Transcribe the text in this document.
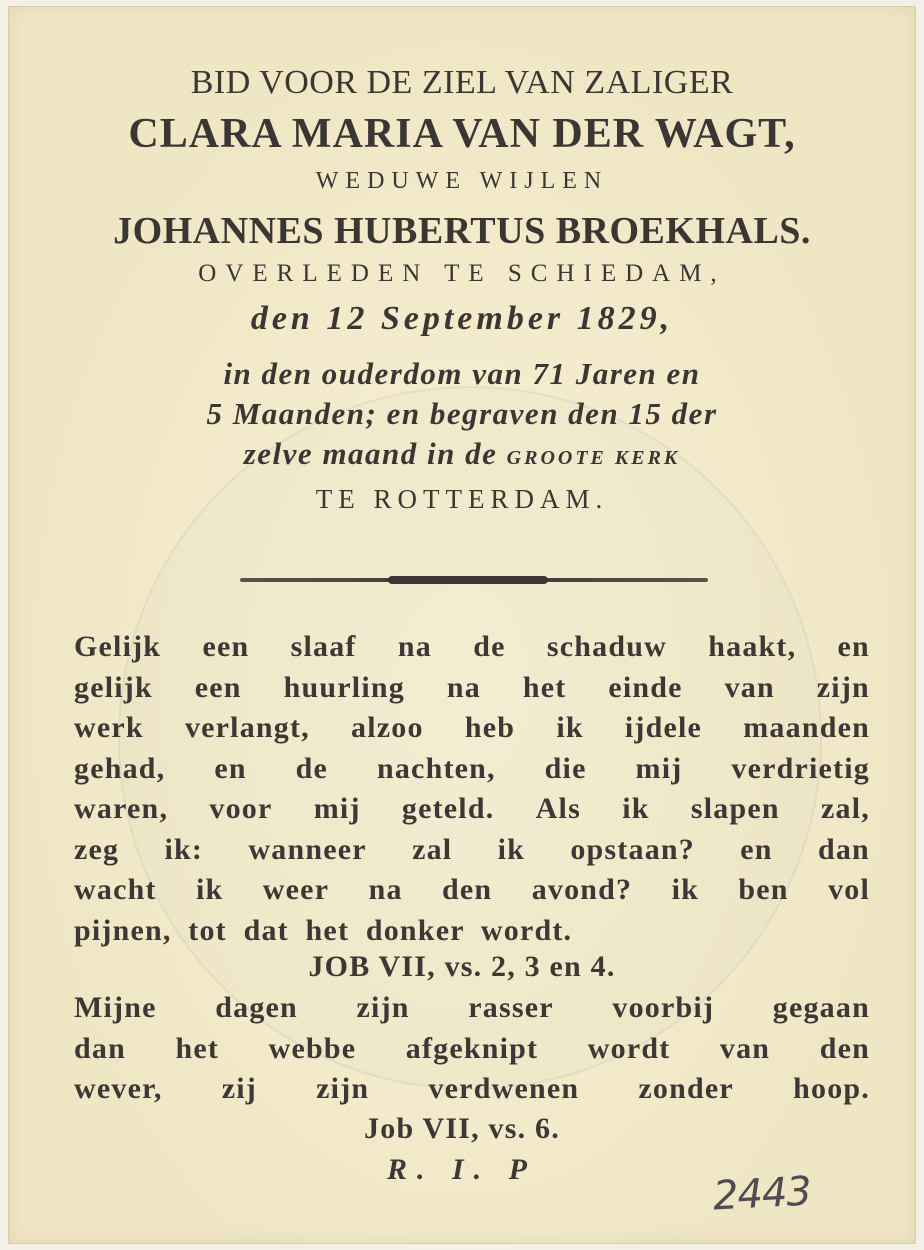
BID VOOR DE ZIEL VAN ZALIGER
CLARA MARIA VAN DER WAGT,
WEDUWE WIJLEN
JOHANNES HUBERTUS BROEKHALS.
OVERLEDEN TE SCHIEDAM,
den 12 September 1829,
in den ouderdom van 71 Jaren en
5 Maanden; en begraven den 15 der
zelve maand in de GROOTE KERK
TE ROTTERDAM.
Gelijk een slaaf na de schaduw haakt, en
gelijk een huurling na het einde van zijn
werk verlangt, alzoo heb ik ijdele maanden
gehad, en de nachten, die mij verdrietig
waren, voor mij geteld. Als ik slapen zal,
zeg ik: wanneer zal ik opstaan? en dan
wacht ik weer na den avond? ik ben vol
pijnen, tot dat het donker wordt.
JOB VII, vs. 2, 3 en 4.
Mijne dagen zijn rasser voorbij gegaan
dan het webbe afgeknipt wordt van den
wever, zij zijn verdwenen zonder hoop.
Job VII, vs. 6.
R. I. P	2443
